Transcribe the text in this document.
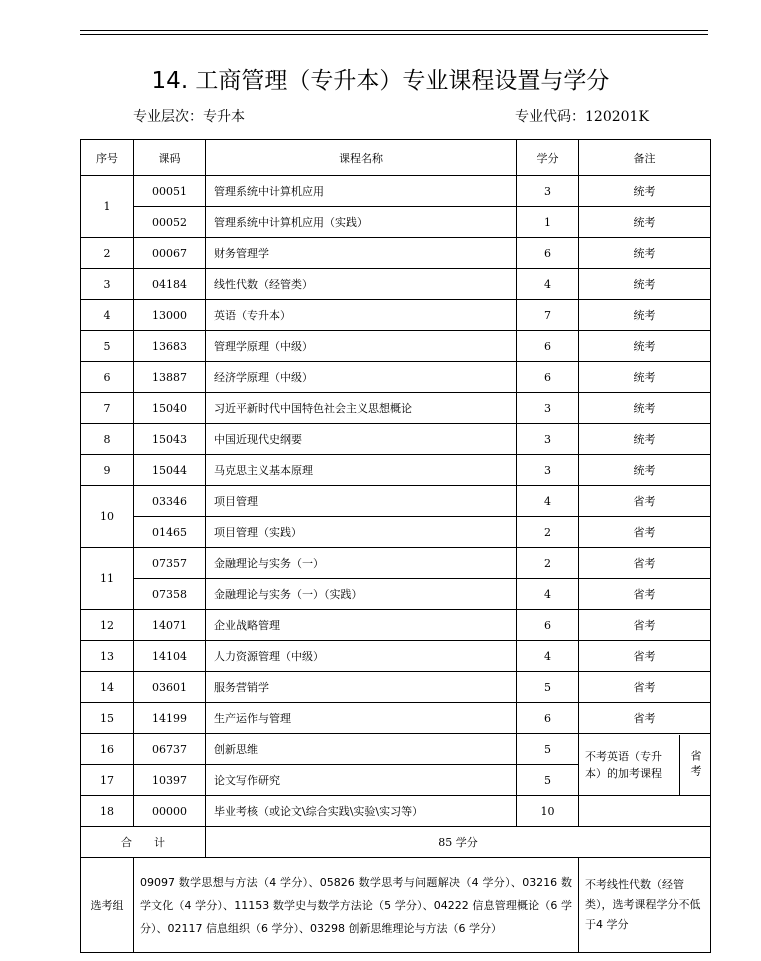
14. 工商管理（专升本）专业课程设置与学分
专业层次：专升本	专业代码：120201K
序号	课码	课程名称	学分	备注
1	00051	管理系统中计算机应用	3	统考
	00052	管理系统中计算机应用（实践）	1	统考
2	00067	财务管理学	6	统考
3	04184	线性代数（经管类）	4	统考
4	13000	英语（专升本）	7	统考
5	13683	管理学原理（中级）	6	统考
6	13887	经济学原理（中级）	6	统考
7	15040	习近平新时代中国特色社会主义思想概论	3	统考
8	15043	中国近现代史纲要	3	统考
9	15044	马克思主义基本原理	3	统考
10	03346	项目管理	4	省考
	01465	项目管理（实践）	2	省考
11	07357	金融理论与实务（一）	2	省考
	07358	金融理论与实务（一）（实践）	4	省考
12	14071	企业战略管理	6	省考
13	14104	人力资源管理（中级）	4	省考
14	03601	服务营销学	5	省考
15	14199	生产运作与管理	6	省考
16	06737	创新思维	5	不考英语（专升本）的加考课程 省考

17	10397	论文写作研究	5	
18	00000	毕业考核（或论文\综合实践\实验\实习等）	10	
合　　计		85 学分		
选考组	09097 数学思想与方法（4 学分）、05826 数学思考与问题解决（4 学分）、03216 数学文化（4 学分）、11153 数学史与数学方法论（5 学分）、04222 信息管理概论（6 学分）、02117 信息组织（6 学分）、03298 创新思维理论与方法（6 学分）			不考线性代数（经管类），选考课程学分不低于4 学分
